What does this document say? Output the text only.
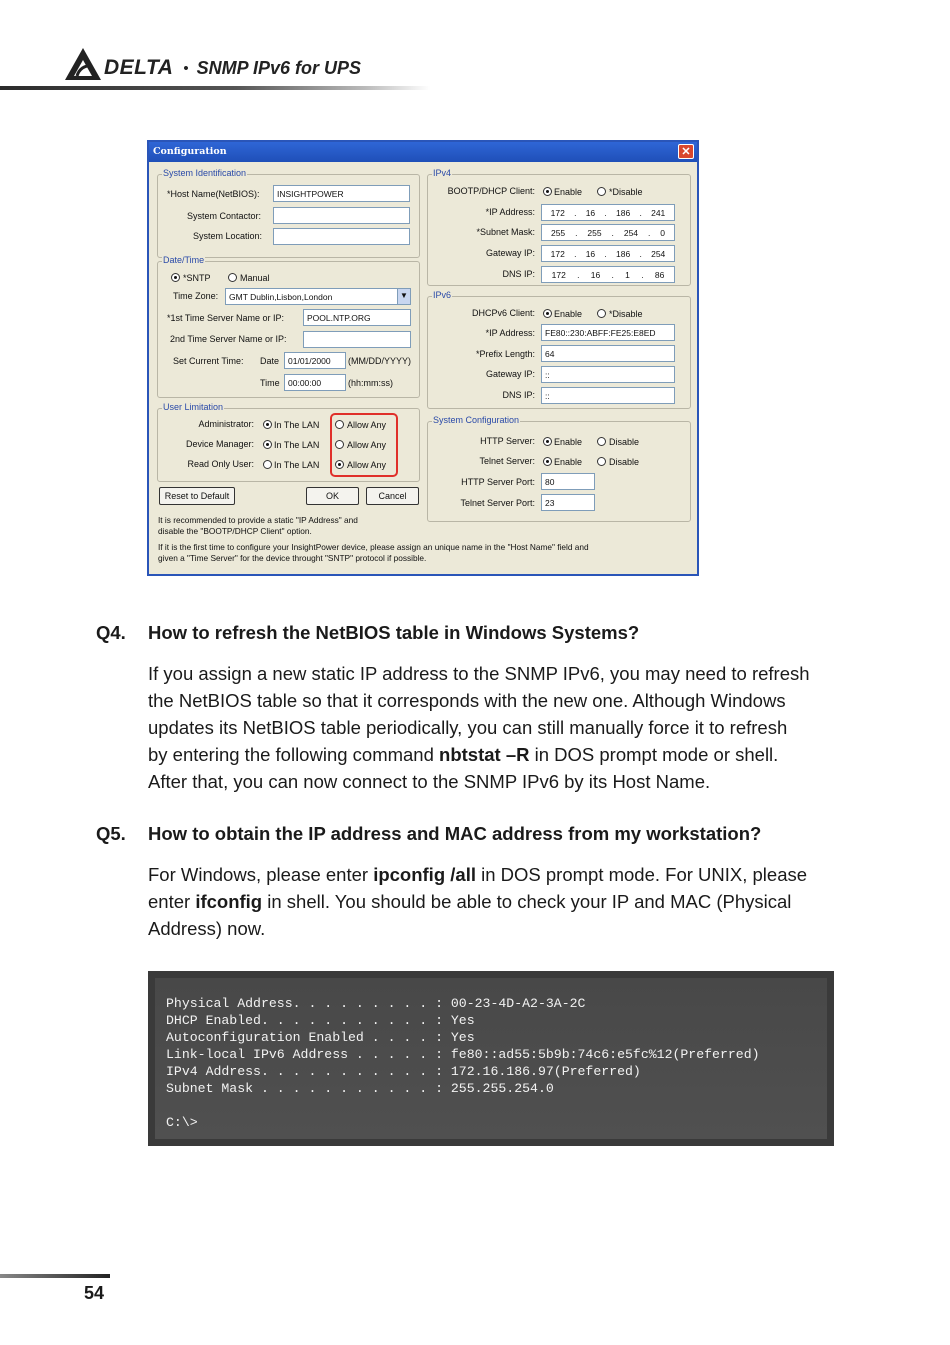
DELTA • SNMP IPv6 for UPS
Configuration	✕
System Identification
*Host Name(NetBIOS):	INSIGHTPOWER
System Contactor:
System Location:
Date/Time
*SNTP	Manual
Time Zone:	GMT Dublin,Lisbon,London	▼
*1st Time Server Name or IP:	POOL.NTP.ORG
2nd Time Server Name or IP:
Set Current Time: Date	01/01/2000	(MM/DD/YYYY)
Time 00:00:00	(hh:mm:ss)
User Limitation
Administrator: In The LAN	Allow Any
Device Manager: In The LAN	Allow Any
Read Only User: In The LAN	Allow Any
Reset to Default	OK	Cancel
It is recommended to provide a static "IP Address" and
disable the "BOOTP/DHCP Client" option.
If it is the first time to configure your InsightPower device, please assign an unique name in the "Host Name" field and
given a "Time Server" for the device throught "SNTP" protocol if possible.
IPv4
BOOTP/DHCP Client: Enable	*Disable
*IP Address: 172 . 16 . 186 . 241
*Subnet Mask: 255 . 255 . 254 . 0
Gateway IP: 172 . 16 . 186 . 254
DNS IP: 172 . 16 . 1 . 86
IPv6
DHCPv6 Client: Enable	*Disable
*IP Address:	FE80::230:ABFF:FE25:E8ED
*Prefix Length:	64
Gateway IP:	::
DNS IP:	::
System Configuration
HTTP Server: Enable	Disable
Telnet Server: Enable	Disable
HTTP Server Port:	80
Telnet Server Port:	23
Q4. How to refresh the NetBIOS table in Windows Systems?
If you assign a new static IP address to the SNMP IPv6, you may need to refresh
the NetBIOS table so that it corresponds with the new one. Although Windows
updates its NetBIOS table periodically, you can still manually force it to refresh
by entering the following command nbtstat –R in DOS prompt mode or shell.
After that, you can now connect to the SNMP IPv6 by its Host Name.
Q5. How to obtain the IP address and MAC address from my workstation?
For Windows, please enter ipconfig /all in DOS prompt mode. For UNIX, please
enter ifconfig in shell. You should be able to check your IP and MAC (Physical
Address) now.
Physical Address. . . . . . . . . : 00-23-4D-A2-3A-2C
DHCP Enabled. . . . . . . . . . . : Yes
Autoconfiguration Enabled . . . . : Yes
Link-local IPv6 Address . . . . . : fe80::ad55:5b9b:74c6:e5fc%12(Preferred)
IPv4 Address. . . . . . . . . . . : 172.16.186.97(Preferred)
Subnet Mask . . . . . . . . . . . : 255.255.254.0
C:\>
54
